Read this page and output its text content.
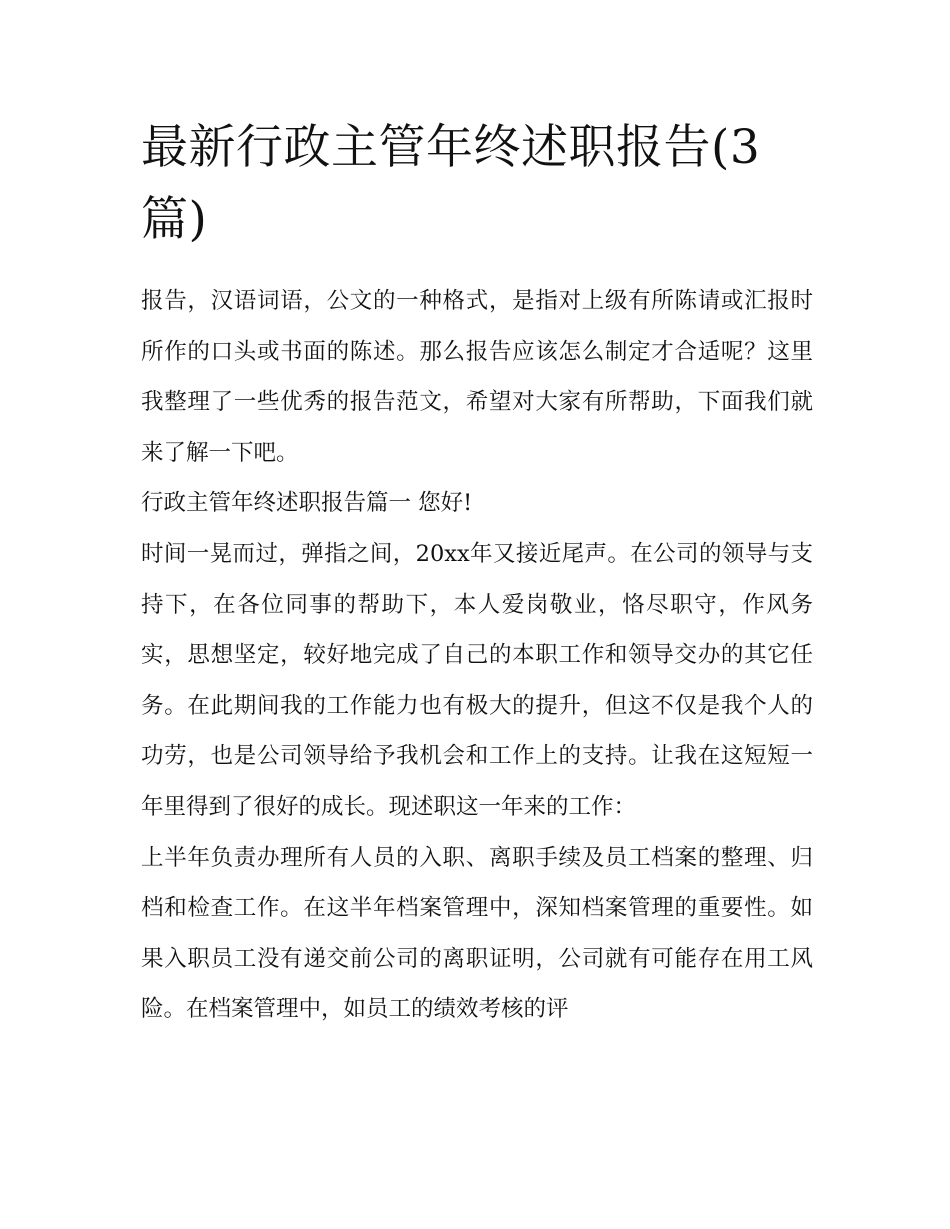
最新行政主管年终述职报告(3篇)

报告，汉语词语，公文的一种格式，是指对上级有所陈请或汇报时所作的口头或书面的陈述。那么报告应该怎么制定才合适呢？这里我整理了一些优秀的报告范文，希望对大家有所帮助，下面我们就来了解一下吧。

行政主管年终述职报告篇一 您好!

时间一晃而过，弹指之间，20xx年又接近尾声。在公司的领导与支持下，在各位同事的帮助下，本人爱岗敬业，恪尽职守，作风务实，思想坚定，较好地完成了自己的本职工作和领导交办的其它任务。在此期间我的工作能力也有极大的提升，但这不仅是我个人的功劳，也是公司领导给予我机会和工作上的支持。让我在这短短一年里得到了很好的成长。现述职这一年来的工作：

上半年负责办理所有人员的入职、离职手续及员工档案的整理、归档和检查工作。在这半年档案管理中，深知档案管理的重要性。如果入职员工没有递交前公司的离职证明，公司就有可能存在用工风险。在档案管理中，如员工的绩效考核的评
